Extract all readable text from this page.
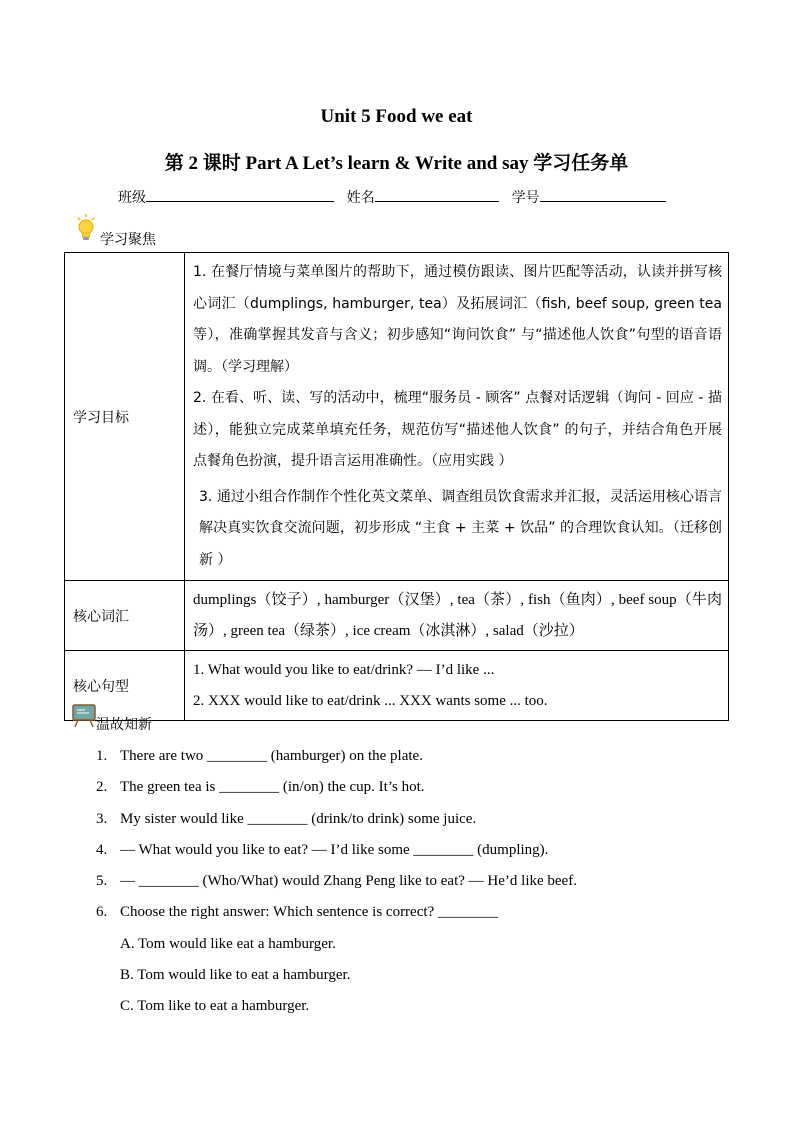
Unit 5 Food we eat
第 2 课时 Part A Let’s learn & Write and say 学习任务单
班级	姓名	学号
学习聚焦
学习目标	1. 在餐厅情境与菜单图片的帮助下，通过模仿跟读、图片匹配等活动，认读并拼写核心词汇（dumplings, hamburger, tea）及拓展词汇（fish, beef soup, green tea 等），准确掌握其发音与含义；初步感知“询问饮食” 与“描述他人饮食”句型的语音语调。（学习理解）

2. 在看、听、读、写的活动中，梳理“服务员 - 顾客” 点餐对话逻辑（询问 - 回应 - 描述），能独立完成菜单填充任务，规范仿写“描述他人饮食” 的句子，并结合角色开展点餐角色扮演，提升语言运用准确性。（应用实践 ）

3. 通过小组合作制作个性化英文菜单、调查组员饮食需求并汇报，灵活运用核心语言解决真实饮食交流问题，初步形成 “主食 + 主菜 + 饮品” 的合理饮食认知。（迁移创新 ）

核心词汇	dumplings（饺子）, hamburger（汉堡）, tea（茶）, fish（鱼肉）, beef soup（牛肉汤）, green tea（绿茶）, ice cream（冰淇淋）, salad（沙拉）
核心句型	1. What would you like to eat/drink? — I’d like ...

2. XXX would like to eat/drink ... XXX wants some ... too.

温故知新
1. There are two ________ (hamburger) on the plate.
2. The green tea is ________ (in/on) the cup. It’s hot.
3. My sister would like ________ (drink/to drink) some juice.
4. — What would you like to eat? — I’d like some ________ (dumpling).
5. — ________ (Who/What) would Zhang Peng like to eat? — He’d like beef.
6. Choose the right answer: Which sentence is correct? ________
A. Tom would like eat a hamburger.
B. Tom would like to eat a hamburger.
C. Tom like to eat a hamburger.
